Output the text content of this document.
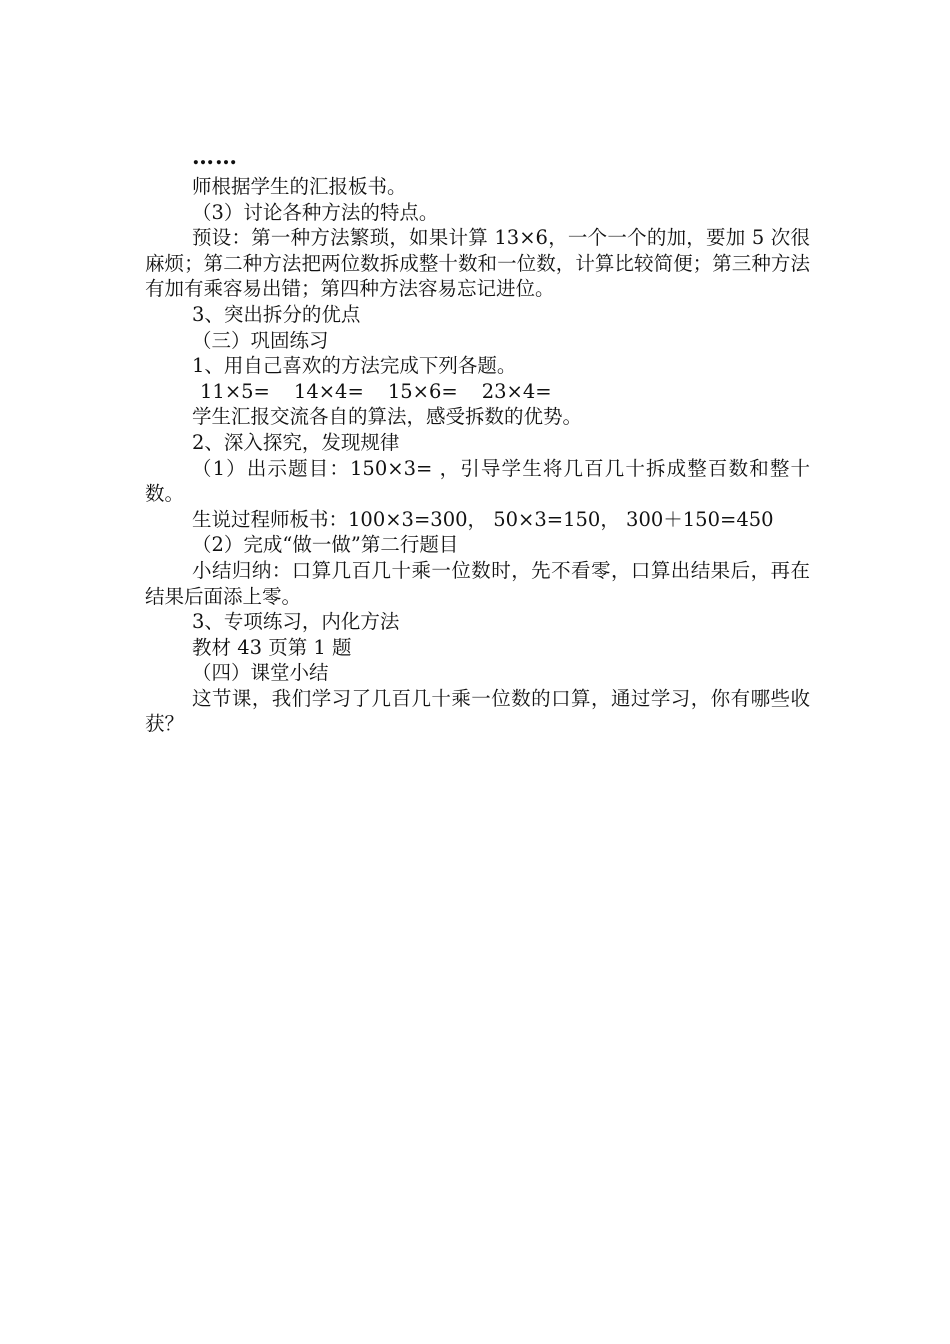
……
师根据学生的汇报板书。
（3）讨论各种方法的特点。
预设：第一种方法繁琐，如果计算 13×6，一个一个的加，要加 5 次很麻烦；第二种方法把两位数拆成整十数和一位数，计算比较简便；第三种方法有加有乘容易出错；第四种方法容易忘记进位。
3、突出拆分的优点
（三）巩固练习
1、用自己喜欢的方法完成下列各题。
11×5= 14×4= 15×6= 23×4=
学生汇报交流各自的算法，感受拆数的优势。
2、深入探究，发现规律
（1）出示题目：150×3= ，引导学生将几百几十拆成整百数和整十数。
生说过程师板书：100×3=300， 50×3=150， 300＋150=450
（2）完成“做一做”第二行题目
小结归纳：口算几百几十乘一位数时，先不看零，口算出结果后，再在结果后面添上零。
3、专项练习，内化方法
教材 43 页第 1 题
（四）课堂小结
这节课，我们学习了几百几十乘一位数的口算，通过学习，你有哪些收获？
